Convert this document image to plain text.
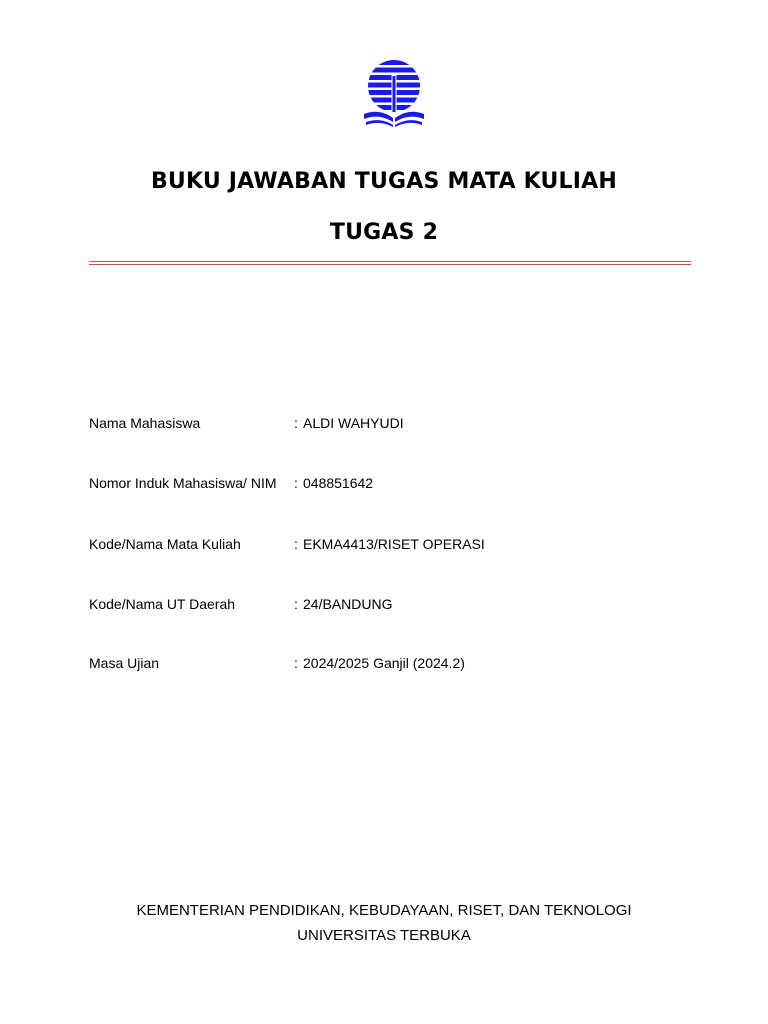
BUKU JAWABAN TUGAS MATA KULIAH
TUGAS 2
Nama Mahasiswa	: ALDI WAHYUDI
Nomor Induk Mahasiswa/ NIM : 048851642
Kode/Nama Mata Kuliah	: EKMA4413/RISET OPERASI
Kode/Nama UT Daerah	: 24/BANDUNG
Masa Ujian	: 2024/2025 Ganjil (2024.2)
KEMENTERIAN PENDIDIKAN, KEBUDAYAAN, RISET, DAN TEKNOLOGI
UNIVERSITAS TERBUKA
